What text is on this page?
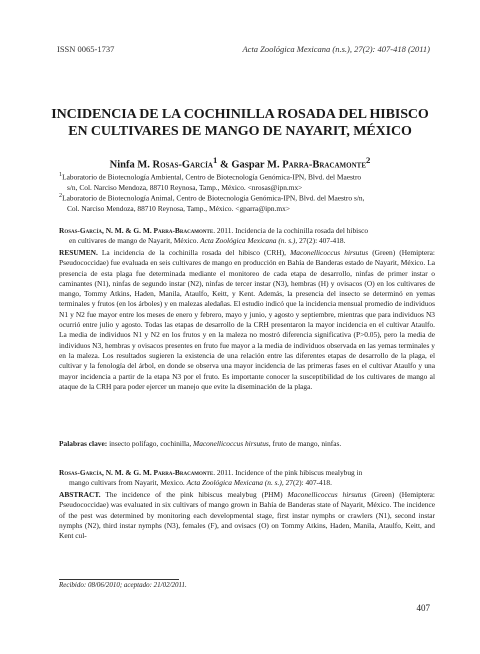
ISSN 0065-1737	Acta Zoológica Mexicana (n.s.), 27(2): 407-418 (2011)
INCIDENCIA DE LA COCHINILLA ROSADA DEL HIBISCO
EN CULTIVARES DE MANGO DE NAYARIT, MÉXICO
Ninfa M. Rosas-García$^1$ & Gaspar M. Parra-Bracamonte$^2$
$^1$Laboratorio de Biotecnología Ambiental, Centro de Biotecnología Genómica-IPN, Blvd. del Maestro
s/n, Col. Narciso Mendoza, 88710 Reynosa, Tamp., México. <nrosas@ipn.mx>
$^2$Laboratorio de Biotecnología Animal, Centro de Biotecnología Genómica-IPN, Blvd. del Maestro s/n,
Col. Narciso Mendoza, 88710 Reynosa, Tamp., México. <gparra@ipn.mx>
Rosas-García, N. M. & G. M. Parra-Bracamonte. 2011. Incidencia de la cochinilla rosada del hibisco
en cultivares de mango de Nayarit, México. Acta Zoológica Mexicana (n. s.), 27(2): 407-418.
RESUMEN. La incidencia de la cochinilla rosada del hibisco (CRH), Maconellicoccus hirsutus (Green) (Hemiptera: Pseudococcidae) fue evaluada en seis cultivares de mango en producción en Bahía de Banderas estado de Nayarit, México. La presencia de esta plaga fue determinada mediante el monitoreo de cada etapa de desarrollo, ninfas de primer instar o caminantes (N1), ninfas de segundo instar (N2), ninfas de tercer instar (N3), hembras (H) y ovisacos (O) en los cultivares de mango, Tommy Atkins, Haden, Manila, Ataulfo, Keitt, y Kent. Además, la presencia del insecto se determinó en yemas terminales y frutos (en los árboles) y en malezas aledañas. El estudio indicó que la incidencia mensual promedio de individuos N1 y N2 fue mayor entre los meses de enero y febrero, mayo y junio, y agosto y septiembre, mientras que para individuos N3 ocurrió entre julio y agosto. Todas las etapas de desarrollo de la CRH presentaron la mayor incidencia en el cultivar Ataulfo. La media de individuos N1 y N2 en los frutos y en la maleza no mostró diferencia significativa (P>0.05), pero la media de individuos N3, hembras y ovisacos presentes en fruto fue mayor a la media de individuos observada en las yemas terminales y en la maleza. Los resultados sugieren la existencia de una relación entre las diferentes etapas de desarrollo de la plaga, el cultivar y la fenología del árbol, en donde se observa una mayor incidencia de las primeras fases en el cultivar Ataulfo y una mayor incidencia a partir de la etapa N3 por el fruto. Es importante conocer la susceptibilidad de los cultivares de mango al ataque de la CRH para poder ejercer un manejo que evite la diseminación de la plaga.
Palabras clave: insecto polífago, cochinilla, Maconellicoccus hirsutus, fruto de mango, ninfas.
Rosas-García, N. M. & G. M. Parra-Bracamonte. 2011. Incidence of the pink hibiscus mealybug in
mango cultivars from Nayarit, Mexico. Acta Zoológica Mexicana (n. s.), 27(2): 407-418.
ABSTRACT. The incidence of the pink hibiscus mealybug (PHM) Maconellicoccus hirsutus (Green) (Hemiptera: Pseudococcidae) was evaluated in six cultivars of mango grown in Bahía de Banderas state of Nayarit, México. The incidence of the pest was determined by monitoring each developmental stage, first instar nymphs or crawlers (N1), second instar nymphs (N2), third instar nymphs (N3), females (F), and ovisacs (O) on Tommy Atkins, Haden, Manila, Ataulfo, Keitt, and Kent cul-
Recibido: 08/06/2010; aceptado: 21/02/2011.
407
